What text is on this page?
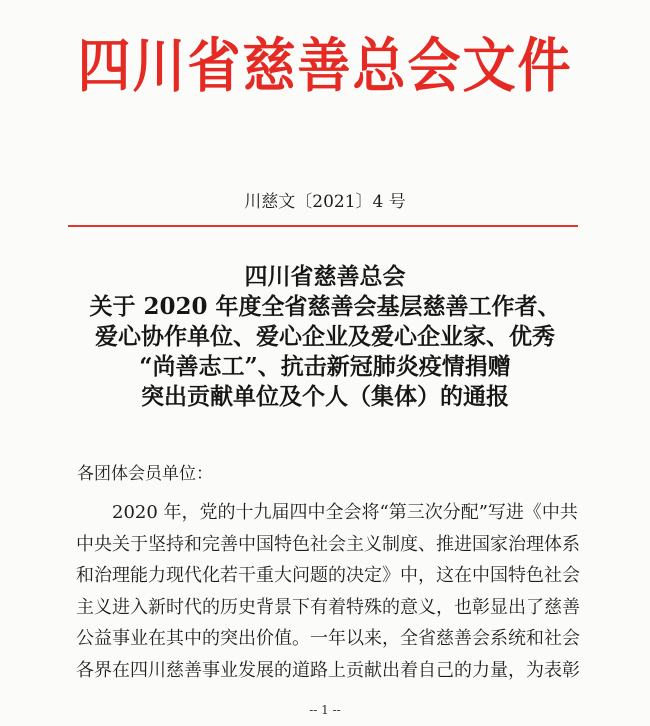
四川省慈善总会文件
川慈文〔2021〕4 号
四川省慈善总会
关于 2020 年度全省慈善会基层慈善工作者、
爱心协作单位、爱心企业及爱心企业家、优秀
“尚善志工”、抗击新冠肺炎疫情捐赠
突出贡献单位及个人（集体）的通报
各团体会员单位：
2020 年，党的十九届四中全会将“第三次分配”写进《中共
中央关于坚持和完善中国特色社会主义制度、推进国家治理体系
和治理能力现代化若干重大问题的决定》中，这在中国特色社会
主义进入新时代的历史背景下有着特殊的意义，也彰显出了慈善
公益事业在其中的突出价值。一年以来，全省慈善会系统和社会
各界在四川慈善事业发展的道路上贡献出着自己的力量，为表彰
-- 1 --
